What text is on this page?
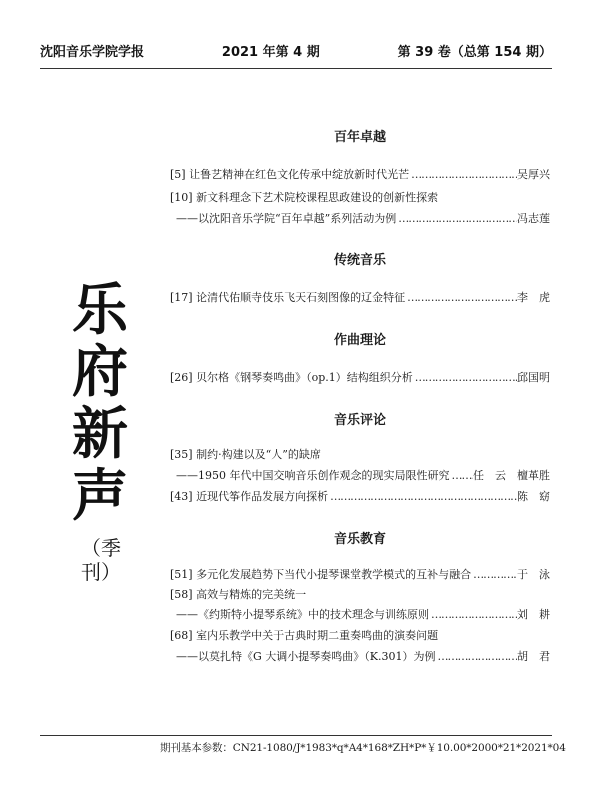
沈阳音乐学院学报	2021 年第 4 期	第 39 卷（总第 154 期）
乐
府
新
声
（季刊）
百年卓越
[5]
让鲁艺精神在红色文化传承中绽放新时代光芒 ……………………………………………………………………………………………………………………	吴厚兴
[10]
新文科理念下艺术院校课程思政建设的创新性探索
——以沈阳音乐学院“百年卓越”系列活动为例 ……………………………………………………………………………………………………………………	冯志莲
传统音乐
[17]
论清代佑顺寺伎乐飞天石刻图像的辽金特征 ……………………………………………………………………………………………………………………	李　虎
作曲理论
[26]
贝尔格《钢琴奏鸣曲》（op.1）结构组织分析 ……………………………………………………………………………………………………………………	邱国明
音乐评论
[35]
制约·构建以及“人”的缺席
——1950 年代中国交响音乐创作观念的现实局限性研究 …………………………………………………………………………………………………………………… 任　云　檀革胜
[43]
近现代筝作品发展方向探析 ……………………………………………………………………………………………………………………	陈　窈
音乐教育
[51]
多元化发展趋势下当代小提琴课堂教学模式的互补与融合 ……………………………………………………………………………………………………………………	于　泳
[58]
高效与精炼的完美统一
——《约斯特小提琴系统》中的技术理念与训练原则 ……………………………………………………………………………………………………………………	刘　耕
[68]
室内乐教学中关于古典时期二重奏鸣曲的演奏问题
——以莫扎特《G 大调小提琴奏鸣曲》（K.301）为例 ……………………………………………………………………………………………………………………	胡　君
期刊基本参数：CN21-1080/J*1983*q*A4*168*ZH*P*￥10.00*2000*21*2021*04
